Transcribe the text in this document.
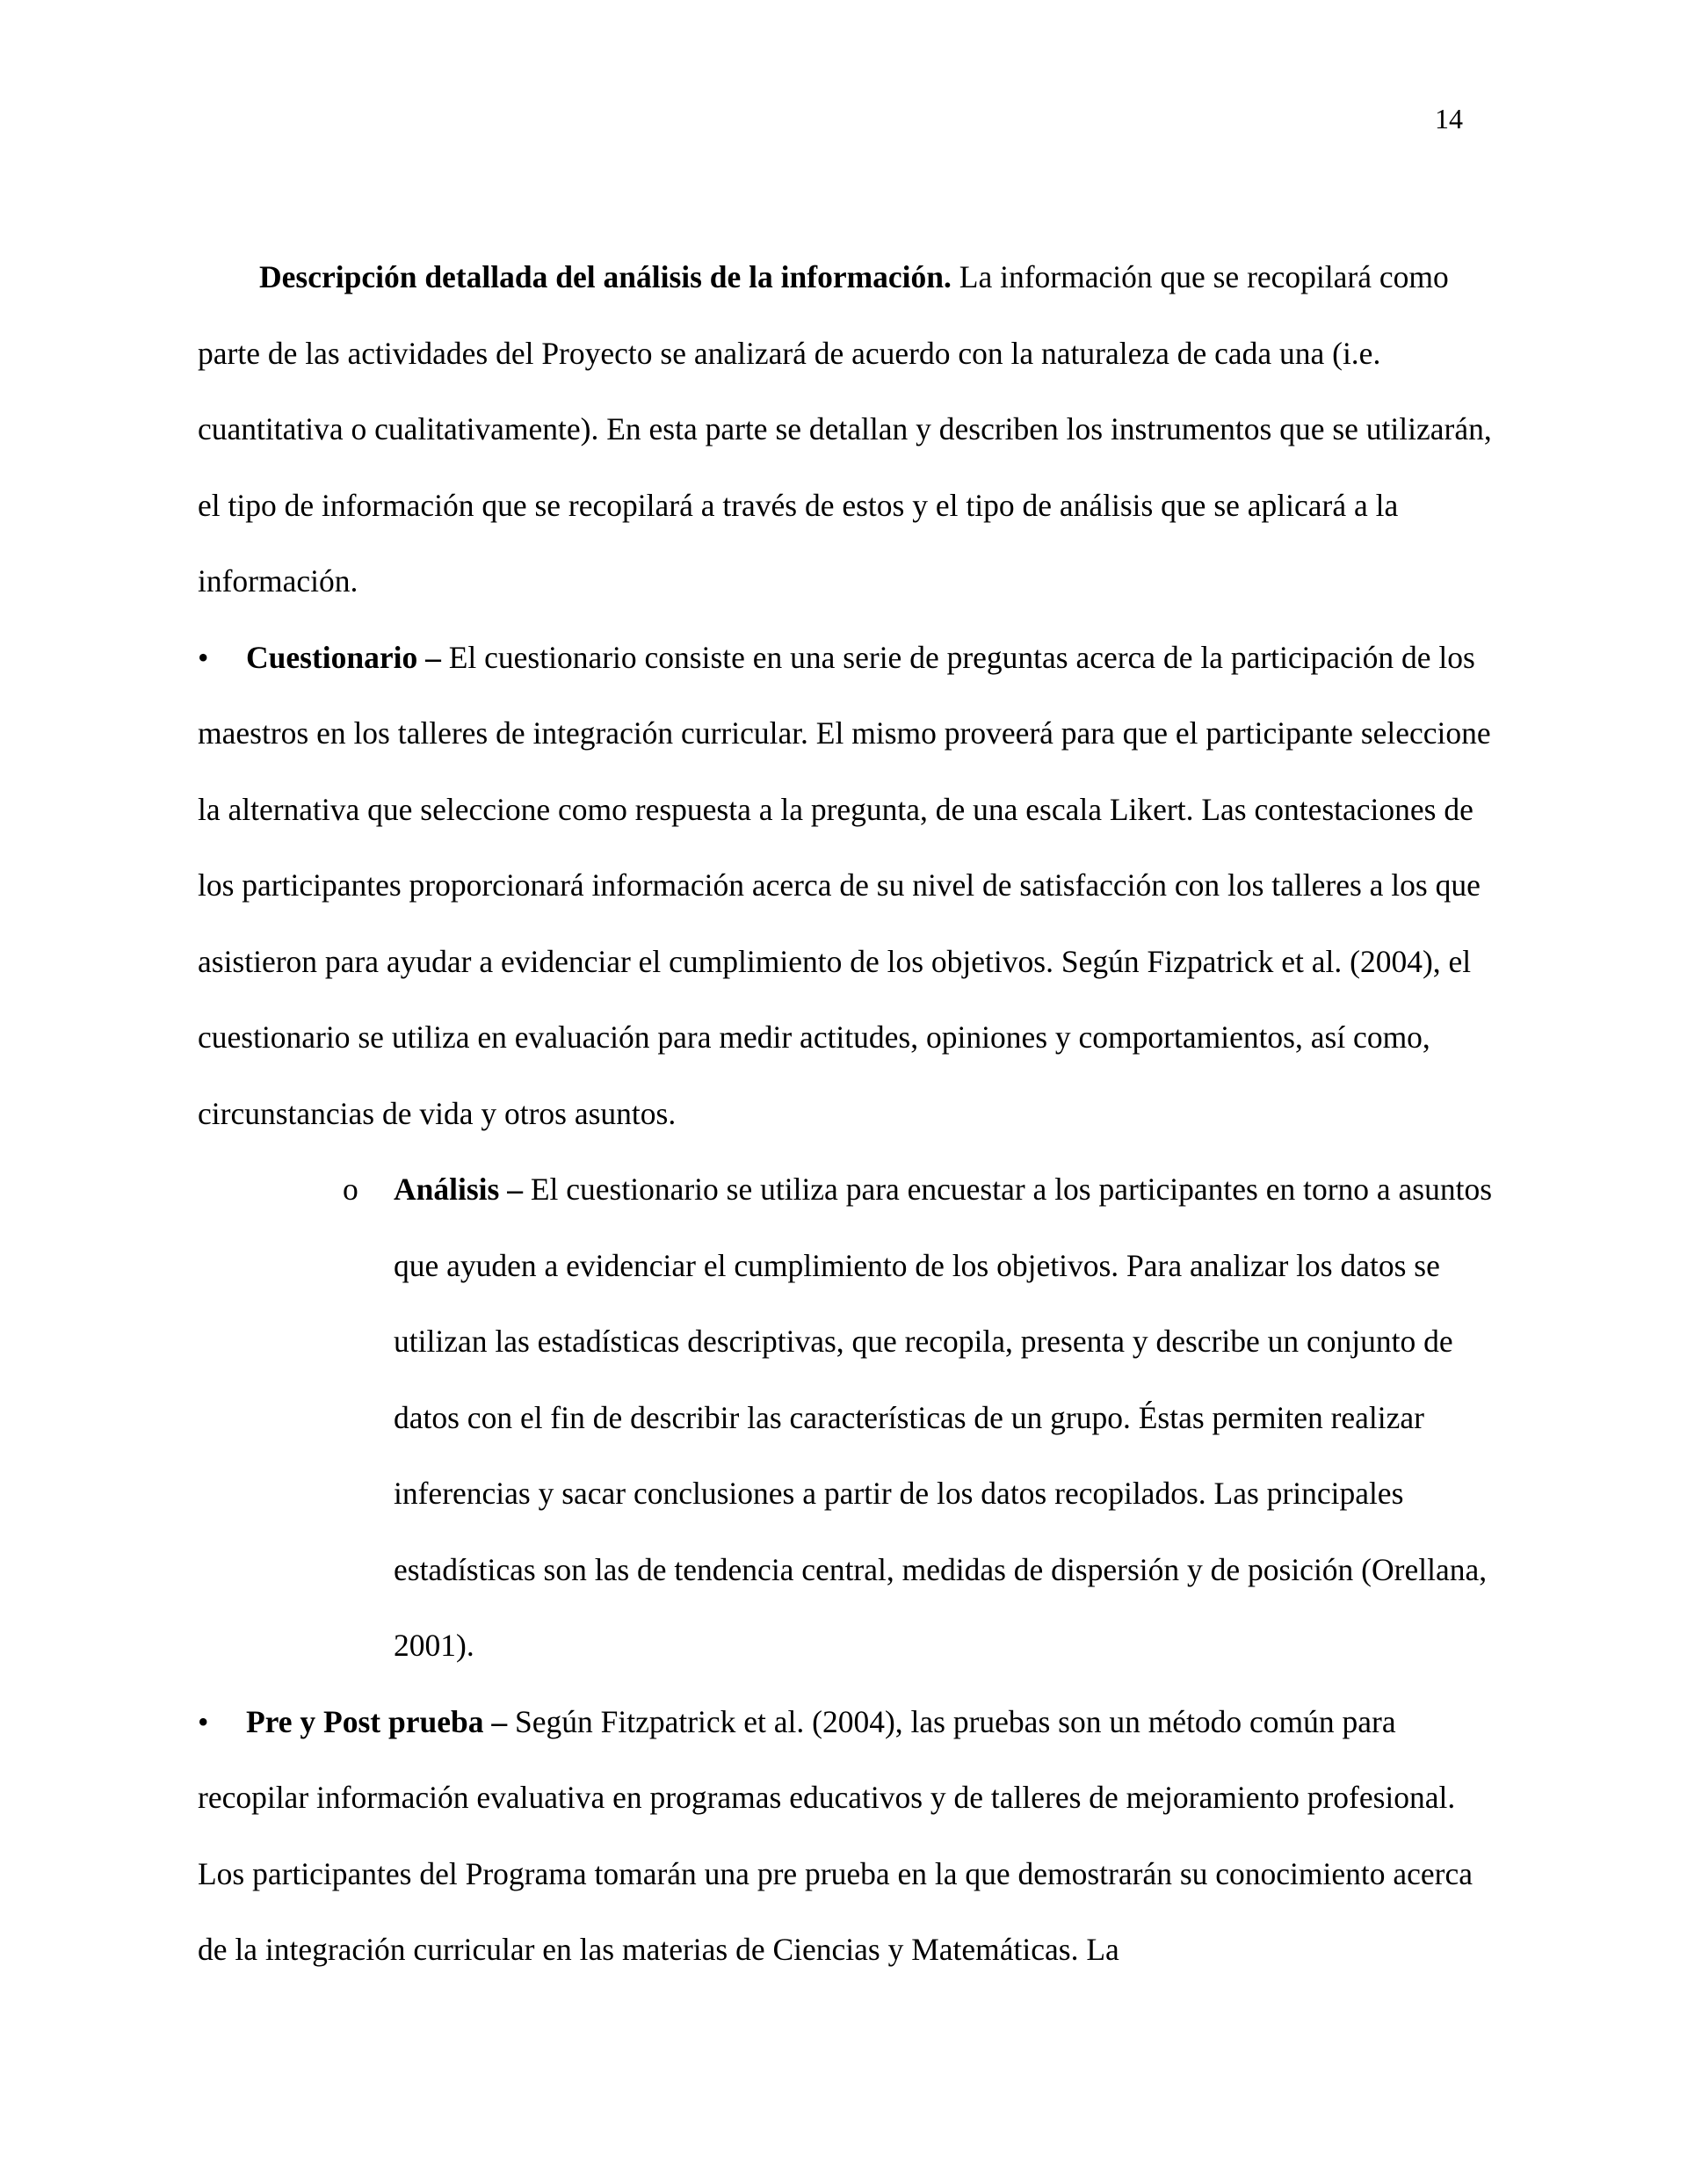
14

Descripción detallada del análisis de la información. La información que se recopilará como parte de las actividades del Proyecto se analizará de acuerdo con la naturaleza de cada una (i.e. cuantitativa o cualitativamente). En esta parte se detallan y describen los instrumentos que se utilizarán, el tipo de información que se recopilará a través de estos y el tipo de análisis que se aplicará a la información.

•	Cuestionario – El cuestionario consiste en una serie de preguntas acerca de la participación de los maestros en los talleres de integración curricular. El mismo proveerá para que el participante seleccione la alternativa que seleccione como respuesta a la pregunta, de una escala Likert. Las contestaciones de los participantes proporcionará información acerca de su nivel de satisfacción con los talleres a los que asistieron para ayudar a evidenciar el cumplimiento de los objetivos. Según Fizpatrick et al. (2004), el cuestionario se utiliza en evaluación para medir actitudes, opiniones y comportamientos, así como, circunstancias de vida y otros asuntos.

o Análisis – El cuestionario se utiliza para encuestar a los participantes en torno a asuntos que ayuden a evidenciar el cumplimiento de los objetivos. Para analizar los datos se utilizan las estadísticas descriptivas, que recopila, presenta y describe un conjunto de datos con el fin de describir las características de un grupo. Éstas permiten realizar inferencias y sacar conclusiones a partir de los datos recopilados. Las principales estadísticas son las de tendencia central, medidas de dispersión y de posición (Orellana, 2001).

•	Pre y Post prueba – Según Fitzpatrick et al. (2004), las pruebas son un método común para recopilar información evaluativa en programas educativos y de talleres de mejoramiento profesional. Los participantes del Programa tomarán una pre prueba en la que demostrarán su conocimiento acerca de la integración curricular en las materias de Ciencias y Matemáticas. La
